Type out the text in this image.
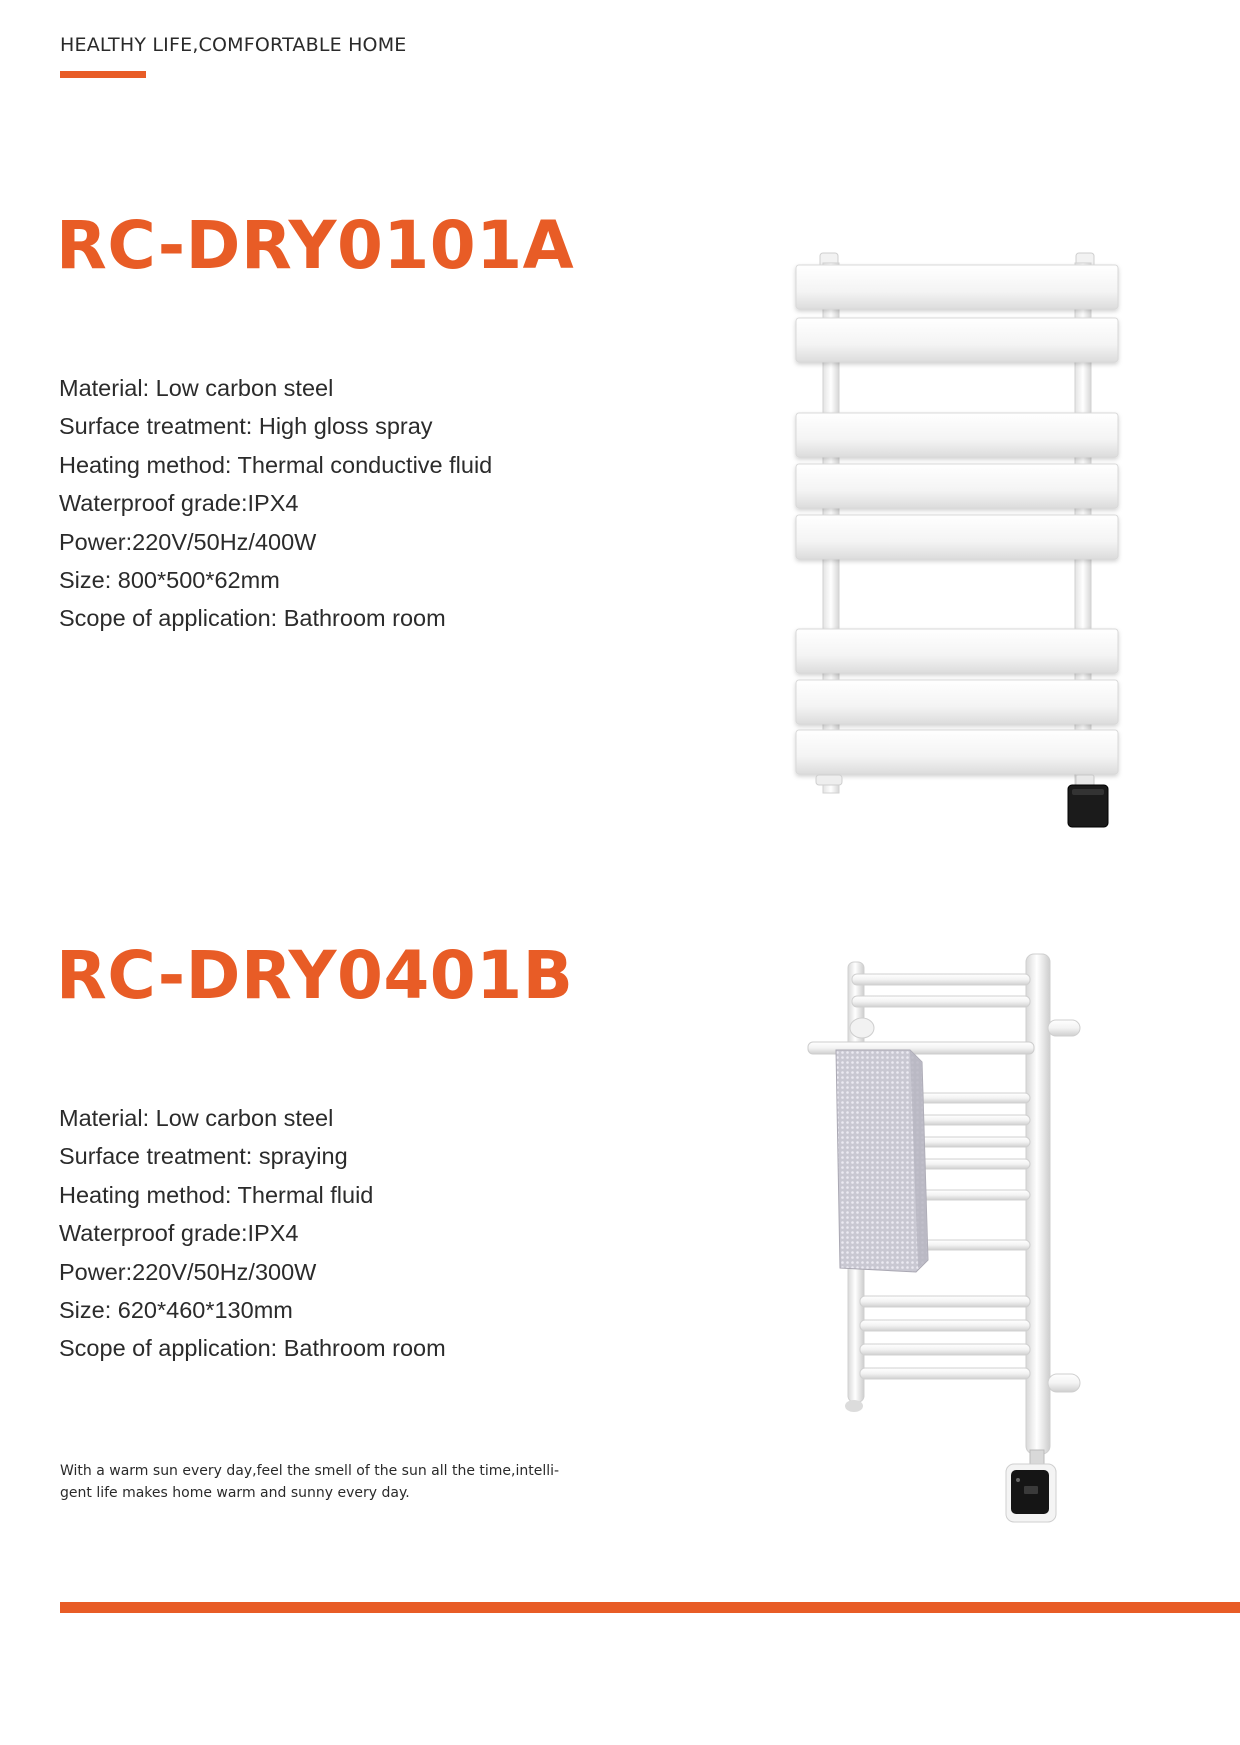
HEALTHY LIFE,COMFORTABLE HOME
RC-DRY0101A
Material: Low carbon steel
Surface treatment: High gloss spray
Heating method: Thermal conductive fluid
Waterproof grade:IPX4
Power:220V/50Hz/400W
Size: 800*500*62mm
Scope of application: Bathroom room
RC-DRY0401B
Material: Low carbon steel
Surface treatment: spraying
Heating method: Thermal fluid
Waterproof grade:IPX4
Power:220V/50Hz/300W
Size: 620*460*130mm
Scope of application: Bathroom room
With a warm sun every day,feel the smell of the sun all the time,intelli-gent life makes home warm and sunny every day.
